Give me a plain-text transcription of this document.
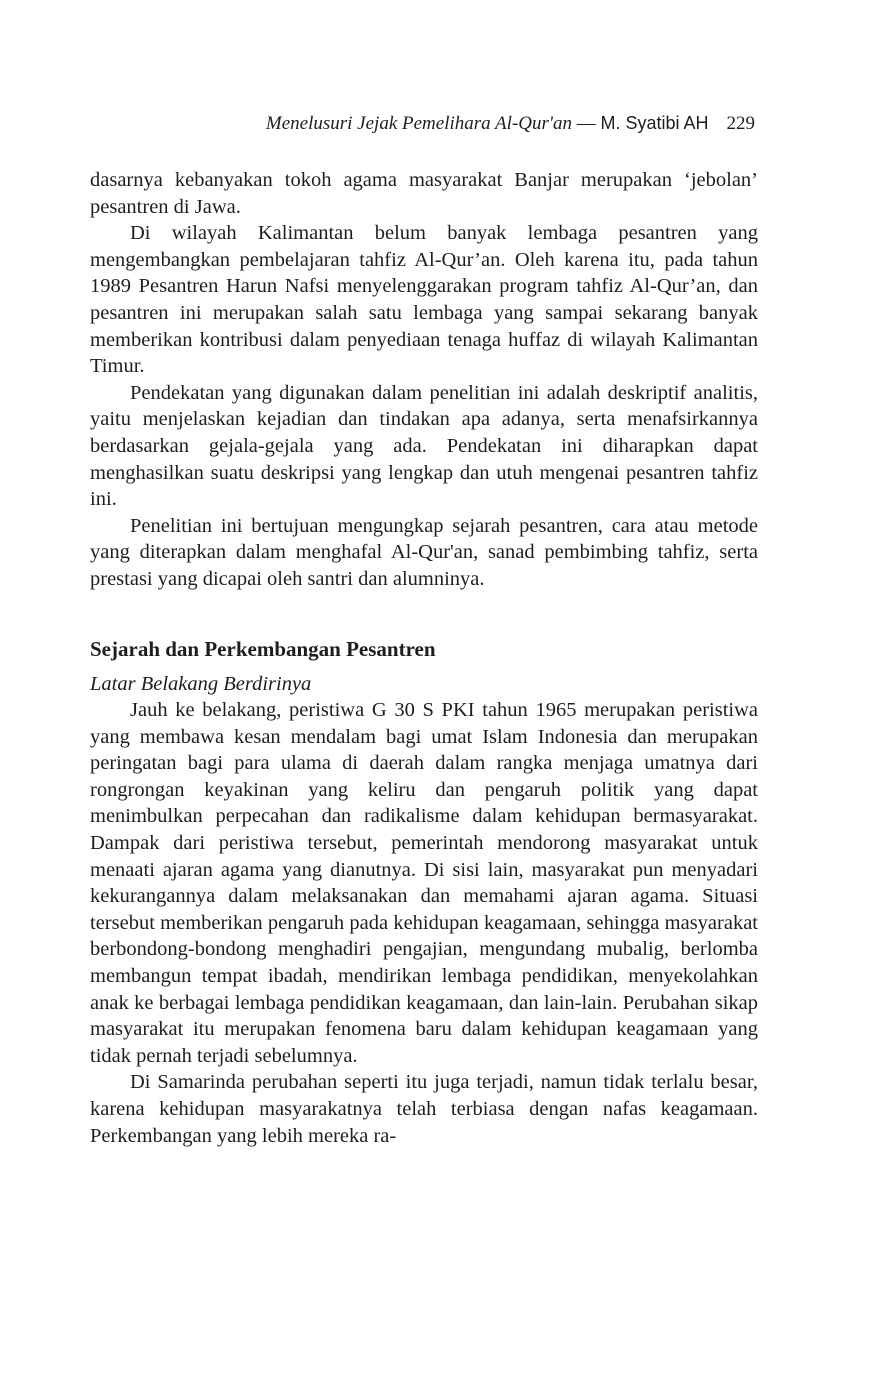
Menelusuri Jejak Pemelihara Al-Qur'an — M. Syatibi AH 229

dasarnya kebanyakan tokoh agama masyarakat Banjar merupakan ‘jebolan’ pesantren di Jawa.

Di wilayah Kalimantan belum banyak lembaga pesantren yang mengembangkan pembelajaran tahfiz Al-Qur’an. Oleh karena itu, pada tahun 1989 Pesantren Harun Nafsi menyelenggarakan program tahfiz Al-Qur’an, dan pesantren ini merupakan salah satu lembaga yang sampai sekarang banyak memberikan kontribusi dalam penyediaan tenaga huffaz di wilayah Kalimantan Timur.

Pendekatan yang digunakan dalam penelitian ini adalah deskriptif analitis, yaitu menjelaskan kejadian dan tindakan apa adanya, serta menafsirkannya berdasarkan gejala-gejala yang ada. Pendekatan ini diharapkan dapat menghasilkan suatu deskripsi yang lengkap dan utuh mengenai pesantren tahfiz ini.

Penelitian ini bertujuan mengungkap sejarah pesantren, cara atau metode yang diterapkan dalam menghafal Al-Qur'an, sanad pembimbing tahfiz, serta prestasi yang dicapai oleh santri dan alumninya.

Sejarah dan Perkembangan Pesantren

Latar Belakang Berdirinya

Jauh ke belakang, peristiwa G 30 S PKI tahun 1965 merupakan peristiwa yang membawa kesan mendalam bagi umat Islam Indonesia dan merupakan peringatan bagi para ulama di daerah dalam rangka menjaga umatnya dari rongrongan keyakinan yang keliru dan pengaruh politik yang dapat menimbulkan perpecahan dan radikalisme dalam kehidupan bermasyarakat. Dampak dari peristiwa tersebut, pemerintah mendorong masyarakat untuk menaati ajaran agama yang dianutnya. Di sisi lain, masyarakat pun menyadari kekurangannya dalam melaksanakan dan memahami ajaran agama. Situasi tersebut memberikan pengaruh pada kehidupan keagamaan, sehingga masyarakat berbondong-bondong menghadiri pengajian, mengundang mubalig, berlomba membangun tempat ibadah, mendirikan lembaga pendidikan, menyekolahkan anak ke berbagai lembaga pendidikan keagamaan, dan lain-lain. Perubahan sikap masyarakat itu merupakan fenomena baru dalam kehidupan keagamaan yang tidak pernah terjadi sebelumnya.

Di Samarinda perubahan seperti itu juga terjadi, namun tidak terlalu besar, karena kehidupan masyarakatnya telah terbiasa dengan nafas keagamaan. Perkembangan yang lebih mereka ra-
